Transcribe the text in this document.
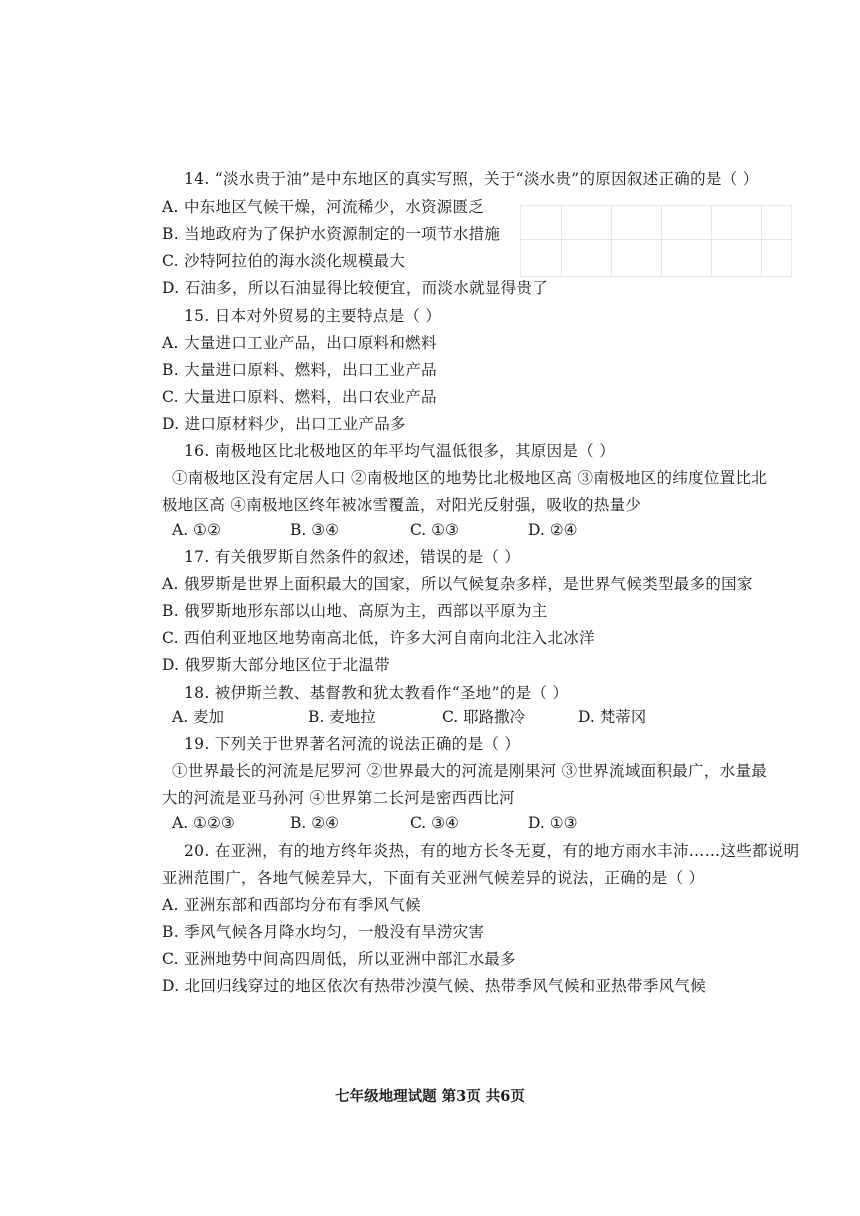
14. “淡水贵于油”是中东地区的真实写照，关于“淡水贵”的原因叙述正确的是（ ）
A. 中东地区气候干燥，河流稀少，水资源匮乏
B. 当地政府为了保护水资源制定的一项节水措施
C. 沙特阿拉伯的海水淡化规模最大
D. 石油多，所以石油显得比较便宜，而淡水就显得贵了
15. 日本对外贸易的主要特点是（ ）
A. 大量进口工业产品，出口原料和燃料
B. 大量进口原料、燃料，出口工业产品
C. 大量进口原料、燃料，出口农业产品
D. 进口原材料少，出口工业产品多
16. 南极地区比北极地区的年平均气温低很多，其原因是（ ）
①南极地区没有定居人口 ②南极地区的地势比北极地区高 ③南极地区的纬度位置比北
极地区高 ④南极地区终年被冰雪覆盖，对阳光反射强，吸收的热量少
A. ①②	B. ③④	C. ①③	D. ②④
17. 有关俄罗斯自然条件的叙述，错误的是（ ）
A. 俄罗斯是世界上面积最大的国家，所以气候复杂多样，是世界气候类型最多的国家
B. 俄罗斯地形东部以山地、高原为主，西部以平原为主
C. 西伯利亚地区地势南高北低，许多大河自南向北注入北冰洋
D. 俄罗斯大部分地区位于北温带
18. 被伊斯兰教、基督教和犹太教看作“圣地”的是（ ）
A. 麦加	B. 麦地拉	C. 耶路撒冷	D. 梵蒂冈
19. 下列关于世界著名河流的说法正确的是（ ）
①世界最长的河流是尼罗河 ②世界最大的河流是刚果河 ③世界流域面积最广，水量最
大的河流是亚马孙河 ④世界第二长河是密西西比河
A. ①②③	B. ②④	C. ③④	D. ①③
20. 在亚洲，有的地方终年炎热，有的地方长冬无夏，有的地方雨水丰沛……这些都说明
亚洲范围广，各地气候差异大，下面有关亚洲气候差异的说法，正确的是（ ）
A. 亚洲东部和西部均分布有季风气候
B. 季风气候各月降水均匀，一般没有旱涝灾害
C. 亚洲地势中间高四周低，所以亚洲中部汇水最多
D. 北回归线穿过的地区依次有热带沙漠气候、热带季风气候和亚热带季风气候
七年级地理试题 第3页 共6页
